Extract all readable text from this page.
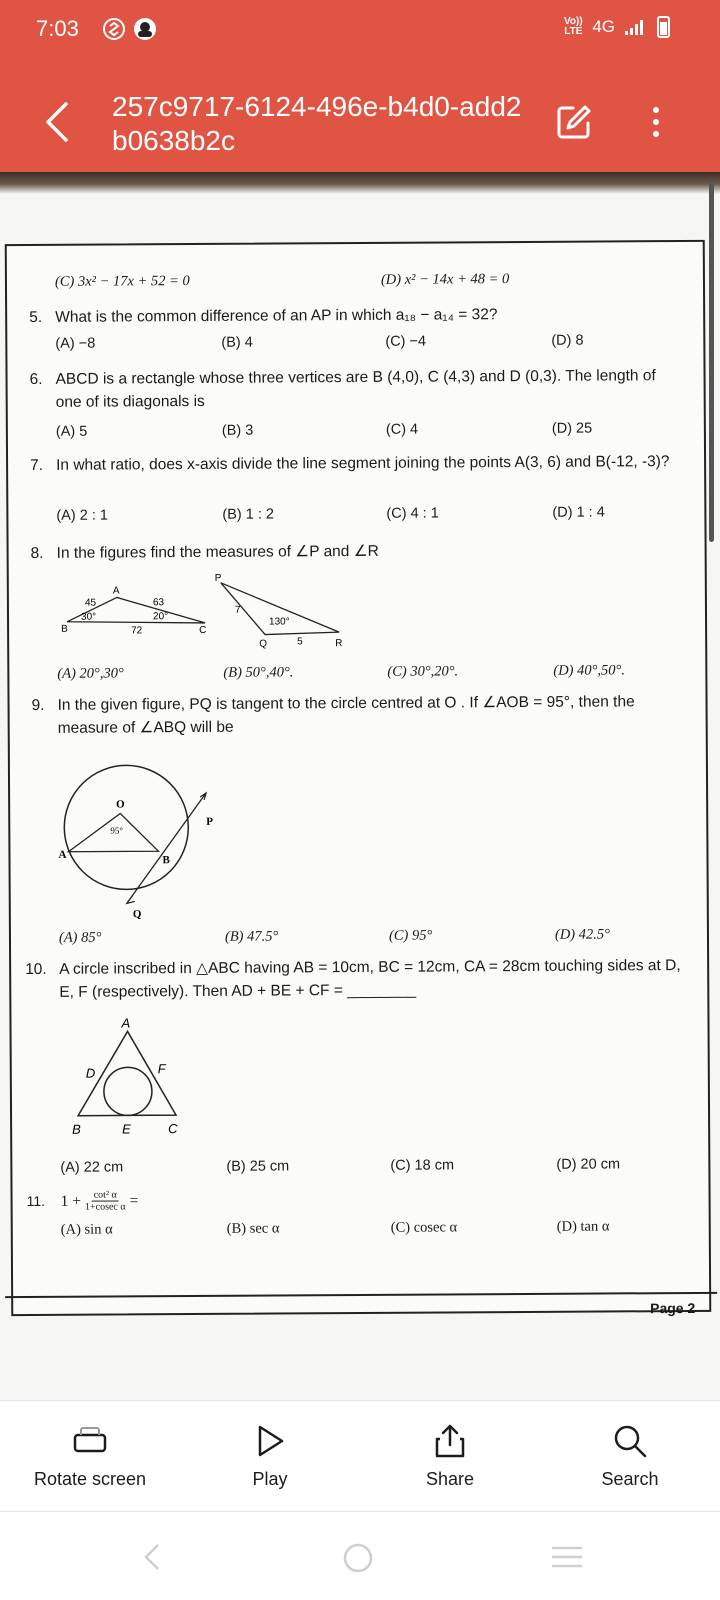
7:03	Vo)) LTE 4G
257c9717-6124-496e-b4d0-add2b0638b2c
(C) 3x² − 17x + 52 = 0	(D) x² − 14x + 48 = 0
5. What is the common difference of an AP in which a₁₈ − a₁₄ = 32?
(A) −8	(B) 4	(C) −4	(D) 8
6. ABCD is a rectangle whose three vertices are B (4,0), C (4,3) and D (0,3). The length of one of its diagonals is
(A) 5	(B) 3	(C) 4	(D) 25
7. In what ratio, does x-axis divide the line segment joining the points A(3, 6) and B(-12, -3)?
(A) 2 : 1	(B) 1 : 2	(C) 4 : 1	(D) 1 : 4
8. In the figures find the measures of ∠P and ∠R
A
B	C
45	63
72
30°	20°
P
Q	R
7
5
130°
(A) 20°,30°	(B) 50°,40°.	(C) 30°,20°.	(D) 40°,50°.
9. In the given figure, PQ is tangent to the circle centred at O . If ∠AOB = 95°, then the measure of ∠ABQ will be
O
A	B
P
Q
95°
(A) 85°	(B) 47.5°	(C) 95°	(D) 42.5°
10. A circle inscribed in △ABC having AB = 10cm, BC = 12cm, CA = 28cm touching sides at D, E, F (respectively). Then AD + BE + CF = ________
A
B	E	C
D	F
(A) 22 cm	(B) 25 cm	(C) 18 cm	(D) 20 cm
11. $1 + \frac{\text{cot² α}}{\text{1+cosec α}}$ =
(A) sin α	(B) sec α	(C) cosec α	(D) tan α
Page 2
Rotate screen	Play	Share	Search
